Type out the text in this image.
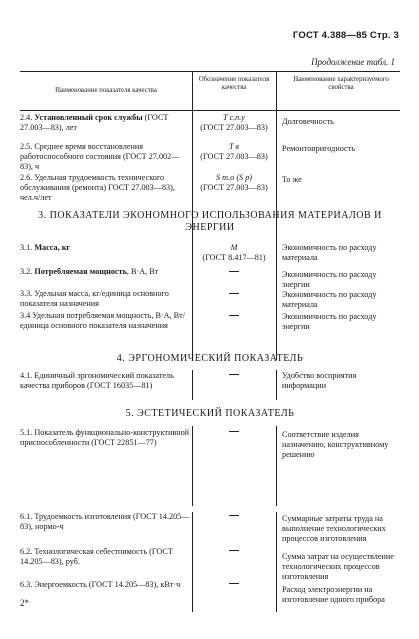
ГОСТ 4.388—85 Стр. 3
Продолжение табл. 1
Наименование показателя качества
Обозначение показателя качества
Наименование характеризуемого свойства
2.4. Установленный срок службы (ГОСТ 27.003—83), лет
T с.п.у
(ГОСТ 27.003—83)
Долговечность
2.5. Среднее время восстановления работоспособного состояния (ГОСТ 27.002—83), ч
T в
(ГОСТ 27.003—83)
Ремонтопригодность
2.6. Удельная трудоемкость технического обслуживания (ремонта) ГОСТ 27.003—83), чел.ч/лет
S т.о (S р)
(ГОСТ 27.003—83)
То же
3. ПОКАЗАТЕЛИ ЭКОНОМНОГО ИСПОЛЬЗОВАНИЯ МАТЕРИАЛОВ И ЭНЕРГИИ
3.1. Масса, кг	M
(ГОСТ 8.417—81)
Экономичность по расходу материала
3.2. Потребляемая мощность, В·А, Вт	Экономичность по расходу энергии
3.3. Удельная масса, кг/единица основного показателя назначения
Экономичность по расходу материала
3.4 Удельная потребляемая мощность, В·А, Вт/единица основного показателя назначения
Экономичность по расходу энергии
4. ЭРГОНОМИЧЕСКИЙ ПОКАЗАТЕЛЬ
4.1. Единичный эргономический показатель качества приборов (ГОСТ 16035—81)
Удобство восприятия информации
5. ЭСТЕТИЧЕСКИЙ ПОКАЗАТЕЛЬ
5.1. Показатель функционально-конструктивной приспособленности (ГОСТ 22851—77)
Соответствие изделия назначению, конструктивному решению
6.1. Трудоемкость изготовления (ГОСТ 14.205—83), нормо-ч
Суммарные затраты труда на выполнение технологических процессов изготовления
6.2. Технологическая себестоимость (ГОСТ 14.205—83), руб.
Сумма затрат на осуществление технологических процессов изготовления
6.3. Энергоемкость (ГОСТ 14.205—83), кВт·ч
Расход электроэнергии на изготовление одного прибора
2*
